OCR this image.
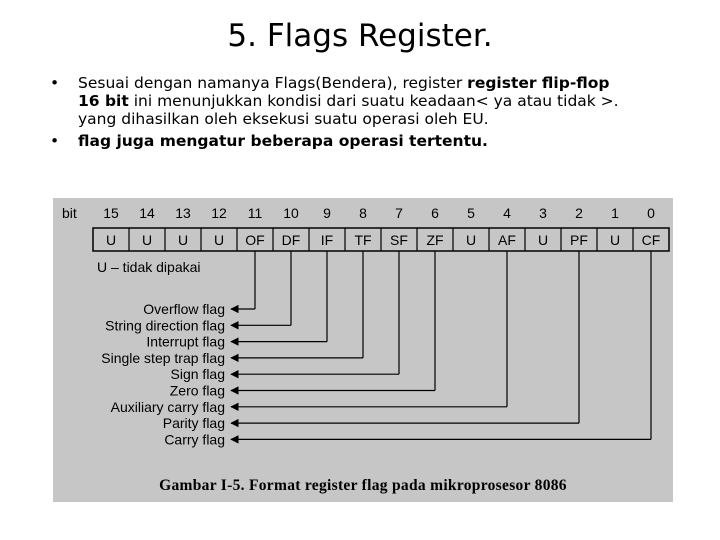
5. Flags Register.
• Sesuai dengan namanya Flags(Bendera), register register flip-flop
16 bit ini menunjukkan kondisi dari suatu keadaan< ya atau tidak >.
yang dihasilkan oleh eksekusi suatu operasi oleh EU.
• flag juga mengatur beberapa operasi tertentu.
bit 15 14 13 12 11 10 9 8 7 6 5 4 3 2 1 0
U U U U OF DF IF TF SF ZF U AF U PF U CF
U – tidak dipakai
Overflow flag
String direction flag
Interrupt flag
Single step trap flag
Sign flag
Zero flag
Auxiliary carry flag
Parity flag
Carry flag
Gambar I-5. Format register flag pada mikroprosesor 8086
